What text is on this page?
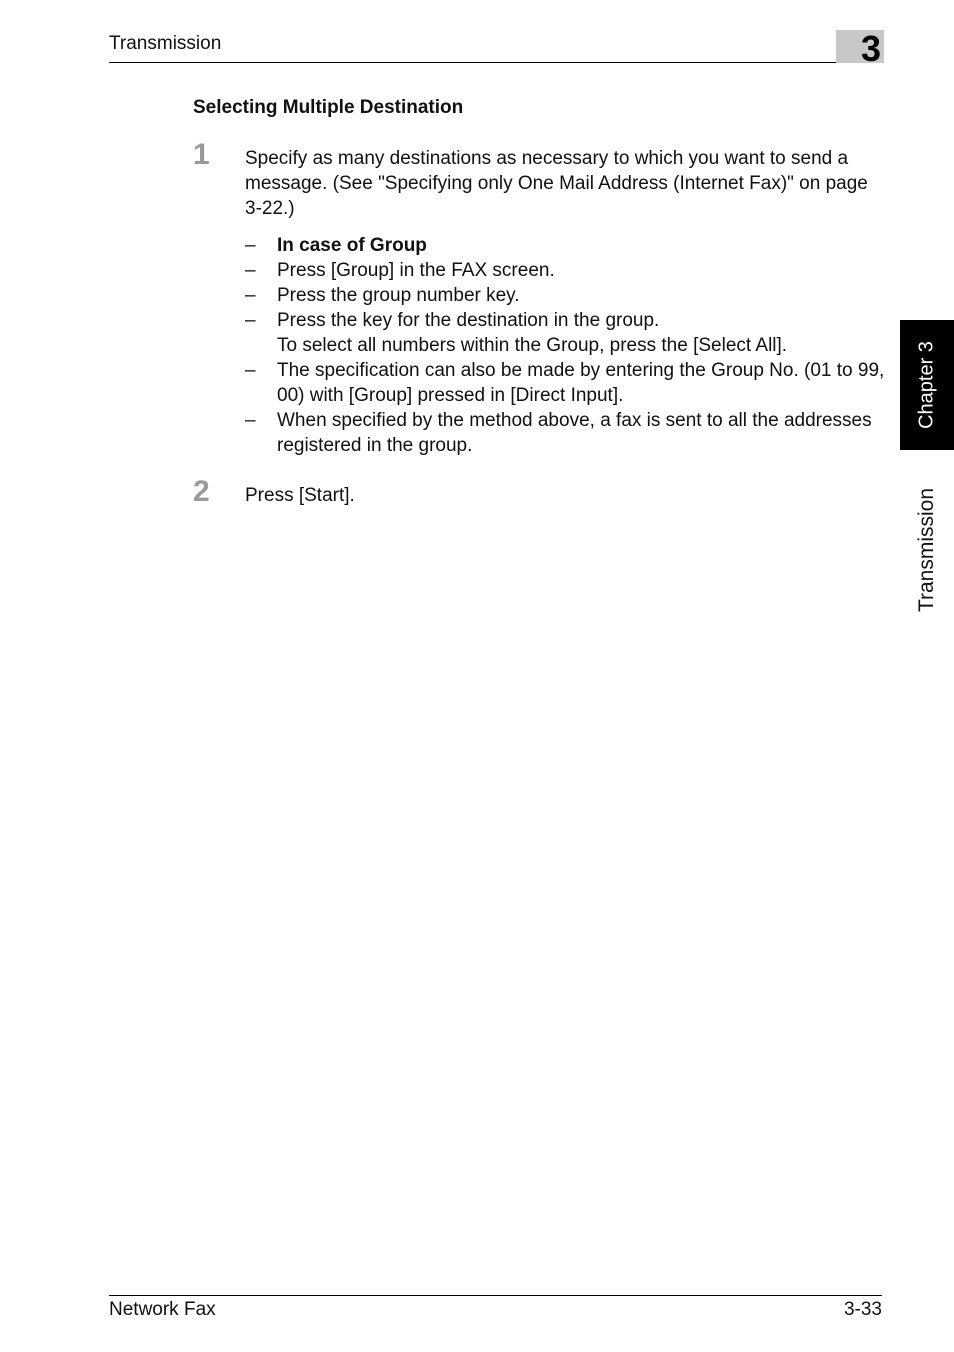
Transmission	3
Selecting Multiple Destination
1 Specify as many destinations as necessary to which you want to send a message. (See "Specifying only One Mail Address (Internet Fax)" on page 3-22.)
– In case of Group
– Press [Group] in the FAX screen.
– Press the group number key.
– Press the key for the destination in the group.
To select all numbers within the Group, press the [Select All].
– The specification can also be made by entering the Group No. (01 to 99, 00) with [Group] pressed in [Direct Input].
– When specified by the method above, a fax is sent to all the addresses registered in the group.
2 Press [Start].
Chapter 3
Transmission
Network Fax	3-33
